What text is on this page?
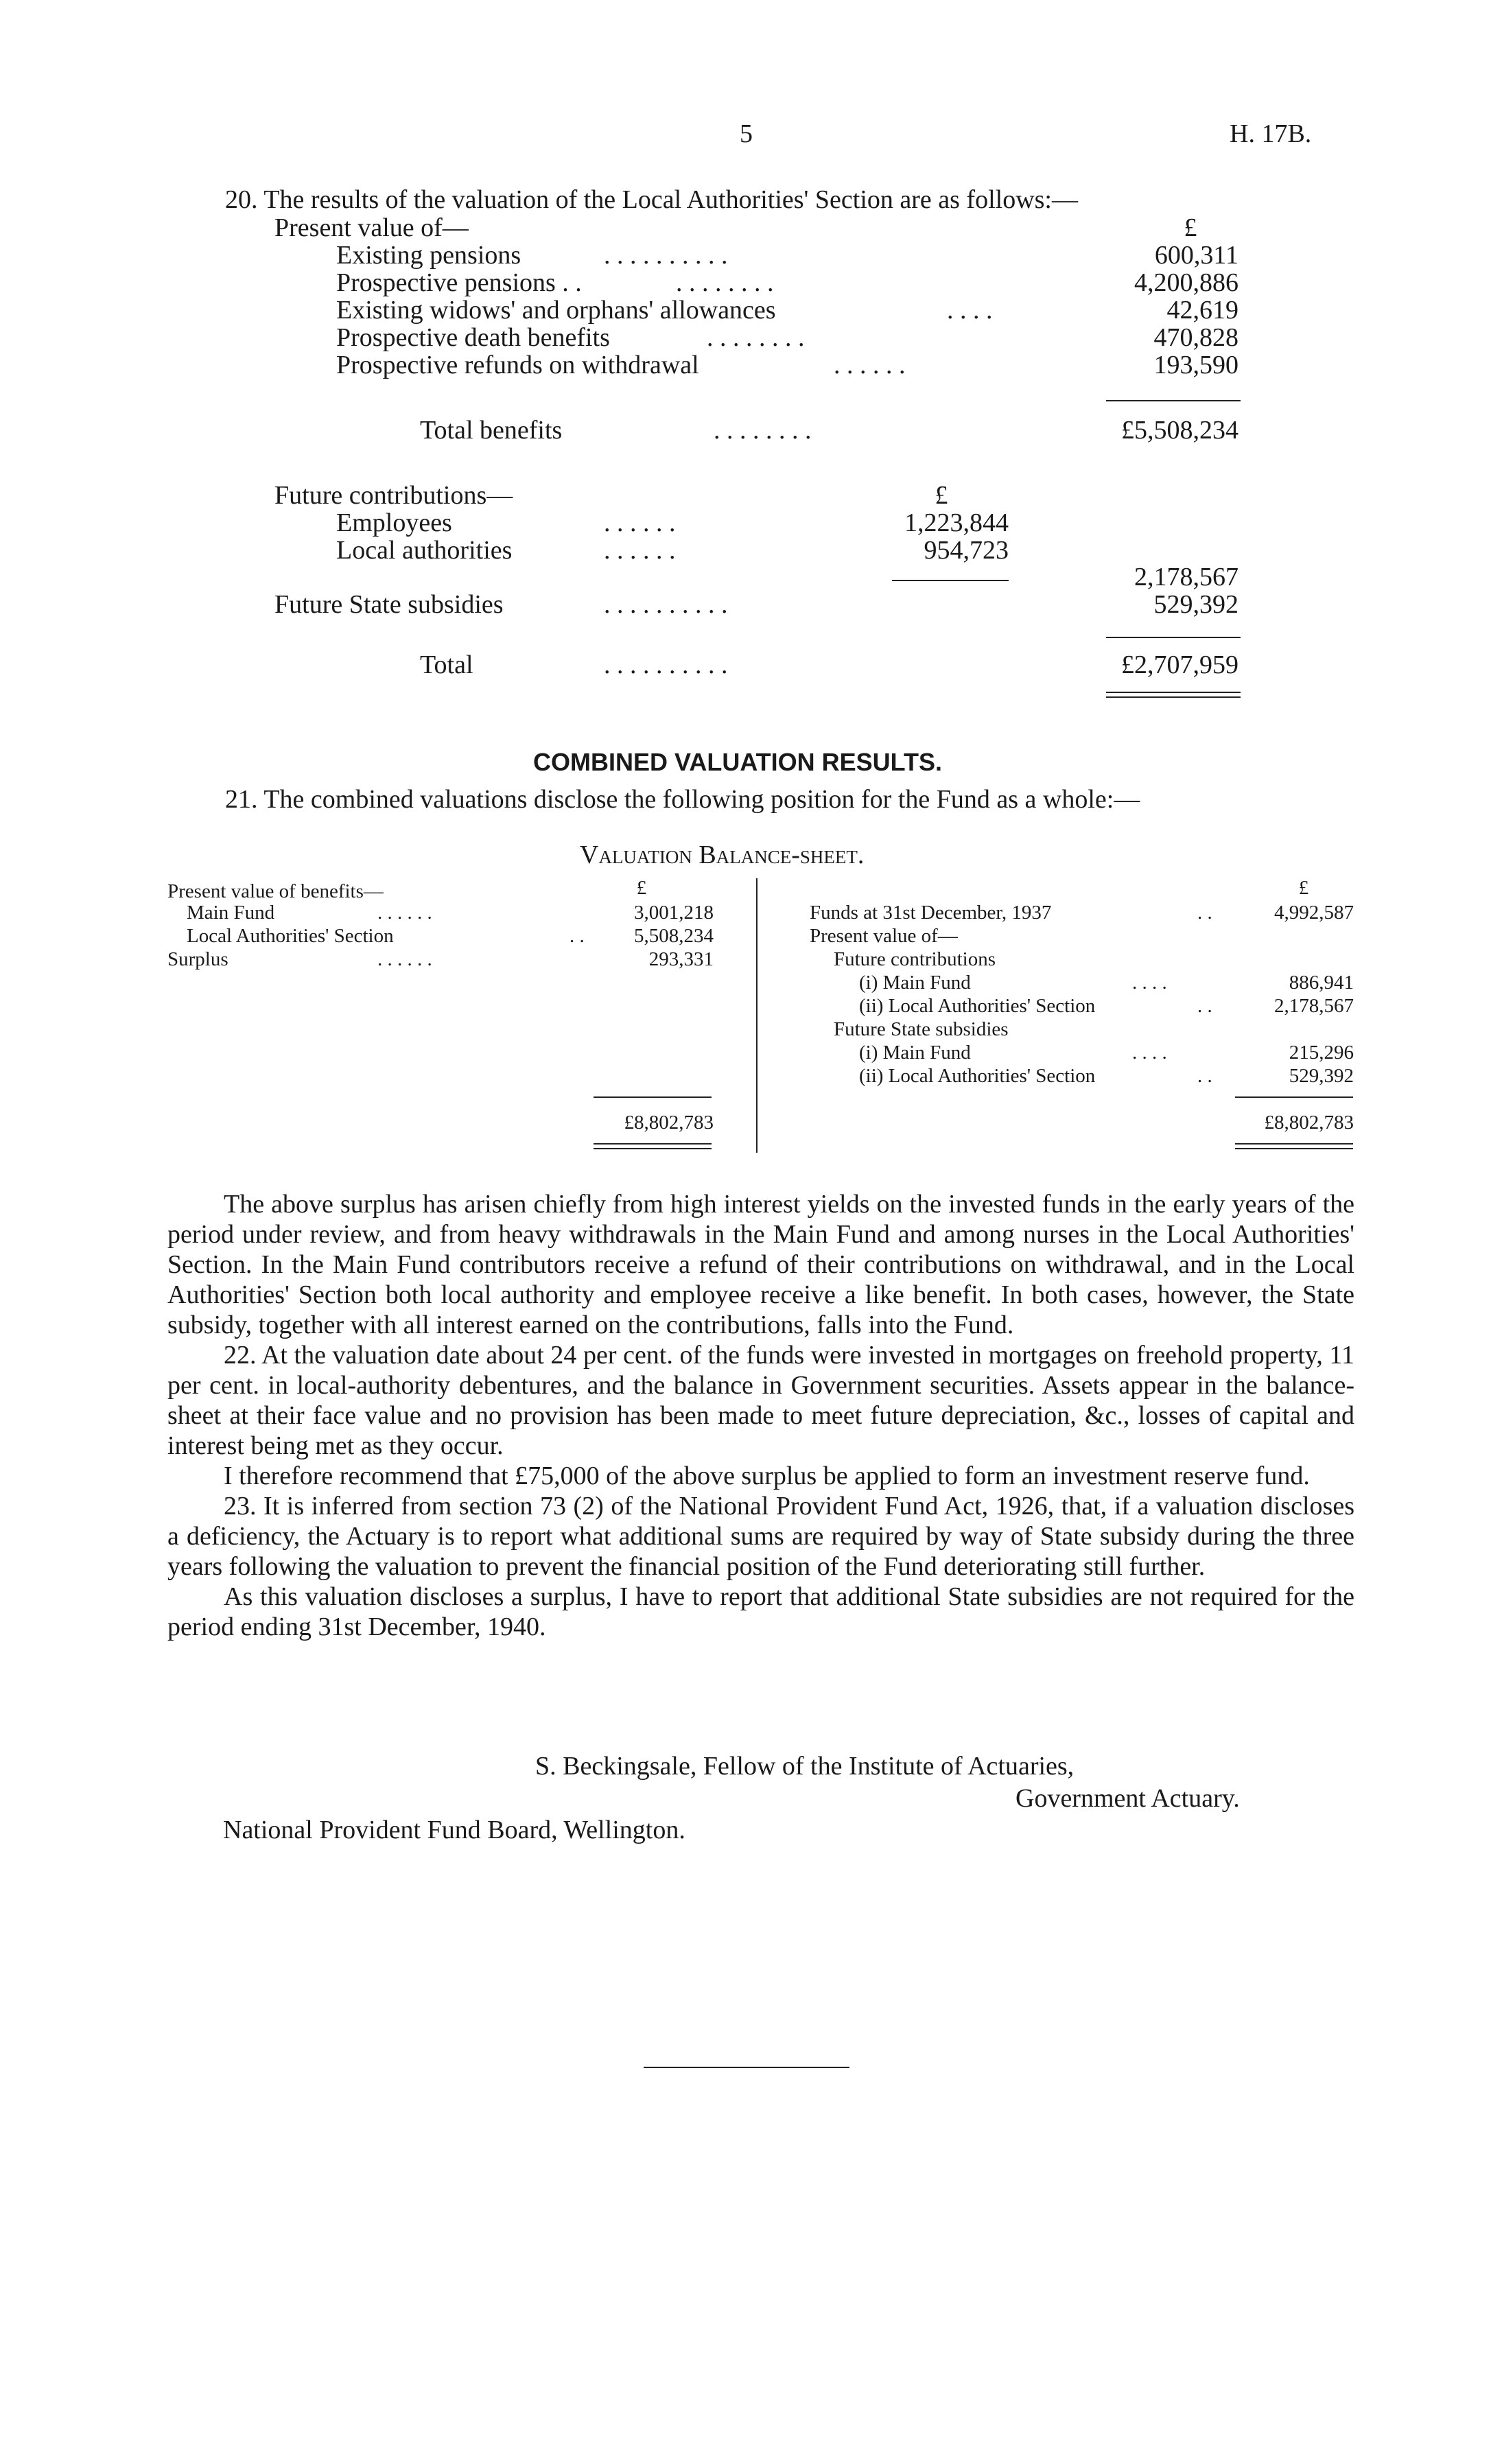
5	H. 17B.
20. The results of the valuation of the Local Authorities' Section are as follows:—
Present value of—	£
Existing pensions	. . . . . . . . . .	600,311
Prospective pensions . .	. . . . . . . .	4,200,886
Existing widows' and orphans' allowances	. . . .	42,619
Prospective death benefits	. . . . . . . .	470,828
Prospective refunds on withdrawal	. . . . . .	193,590
Total benefits	. . . . . . . .	£5,508,234
Future contributions—	£
Employees	. . . . . .	1,223,844
Local authorities	. . . . . .	954,723
2,178,567
Future State subsidies	. . . . . . . . . .	529,392
Total	. . . . . . . . . .	£2,707,959
COMBINED VALUATION RESULTS.
21. The combined valuations disclose the following position for the Fund as a whole:—
Valuation Balance-sheet.
£
Present value of benefits—
Main Fund	. . . . . .	3,001,218
Local Authorities' Section	. .	5,508,234
Surplus	. . . . . .	293,331
£8,802,783
£
Funds at 31st December, 1937	. .	4,992,587
Present value of—
Future contributions
(i) Main Fund	. . . .	886,941
(ii) Local Authorities' Section	. .	2,178,567
Future State subsidies
(i) Main Fund	. . . .	215,296
(ii) Local Authorities' Section	. .	529,392
£8,802,783

The above surplus has arisen chiefly from high interest yields on the invested funds in the early years of the period under review, and from heavy withdrawals in the Main Fund and among nurses in the Local Authorities' Section. In the Main Fund contributors receive a refund of their contributions on withdrawal, and in the Local Authorities' Section both local authority and employee receive a like benefit. In both cases, however, the State subsidy, together with all interest earned on the contributions, falls into the Fund.

22. At the valuation date about 24 per cent. of the funds were invested in mortgages on freehold property, 11 per cent. in local-authority debentures, and the balance in Government securities. Assets appear in the balance-sheet at their face value and no provision has been made to meet future depreciation, &c., losses of capital and interest being met as they occur.

I therefore recommend that £75,000 of the above surplus be applied to form an investment reserve fund.

23. It is inferred from section 73 (2) of the National Provident Fund Act, 1926, that, if a valuation discloses a deficiency, the Actuary is to report what additional sums are required by way of State subsidy during the three years following the valuation to prevent the financial position of the Fund deteriorating still further.

As this valuation discloses a surplus, I have to report that additional State subsidies are not required for the period ending 31st December, 1940.

S. Beckingsale, Fellow of the Institute of Actuaries,
Government Actuary.
National Provident Fund Board, Wellington.
